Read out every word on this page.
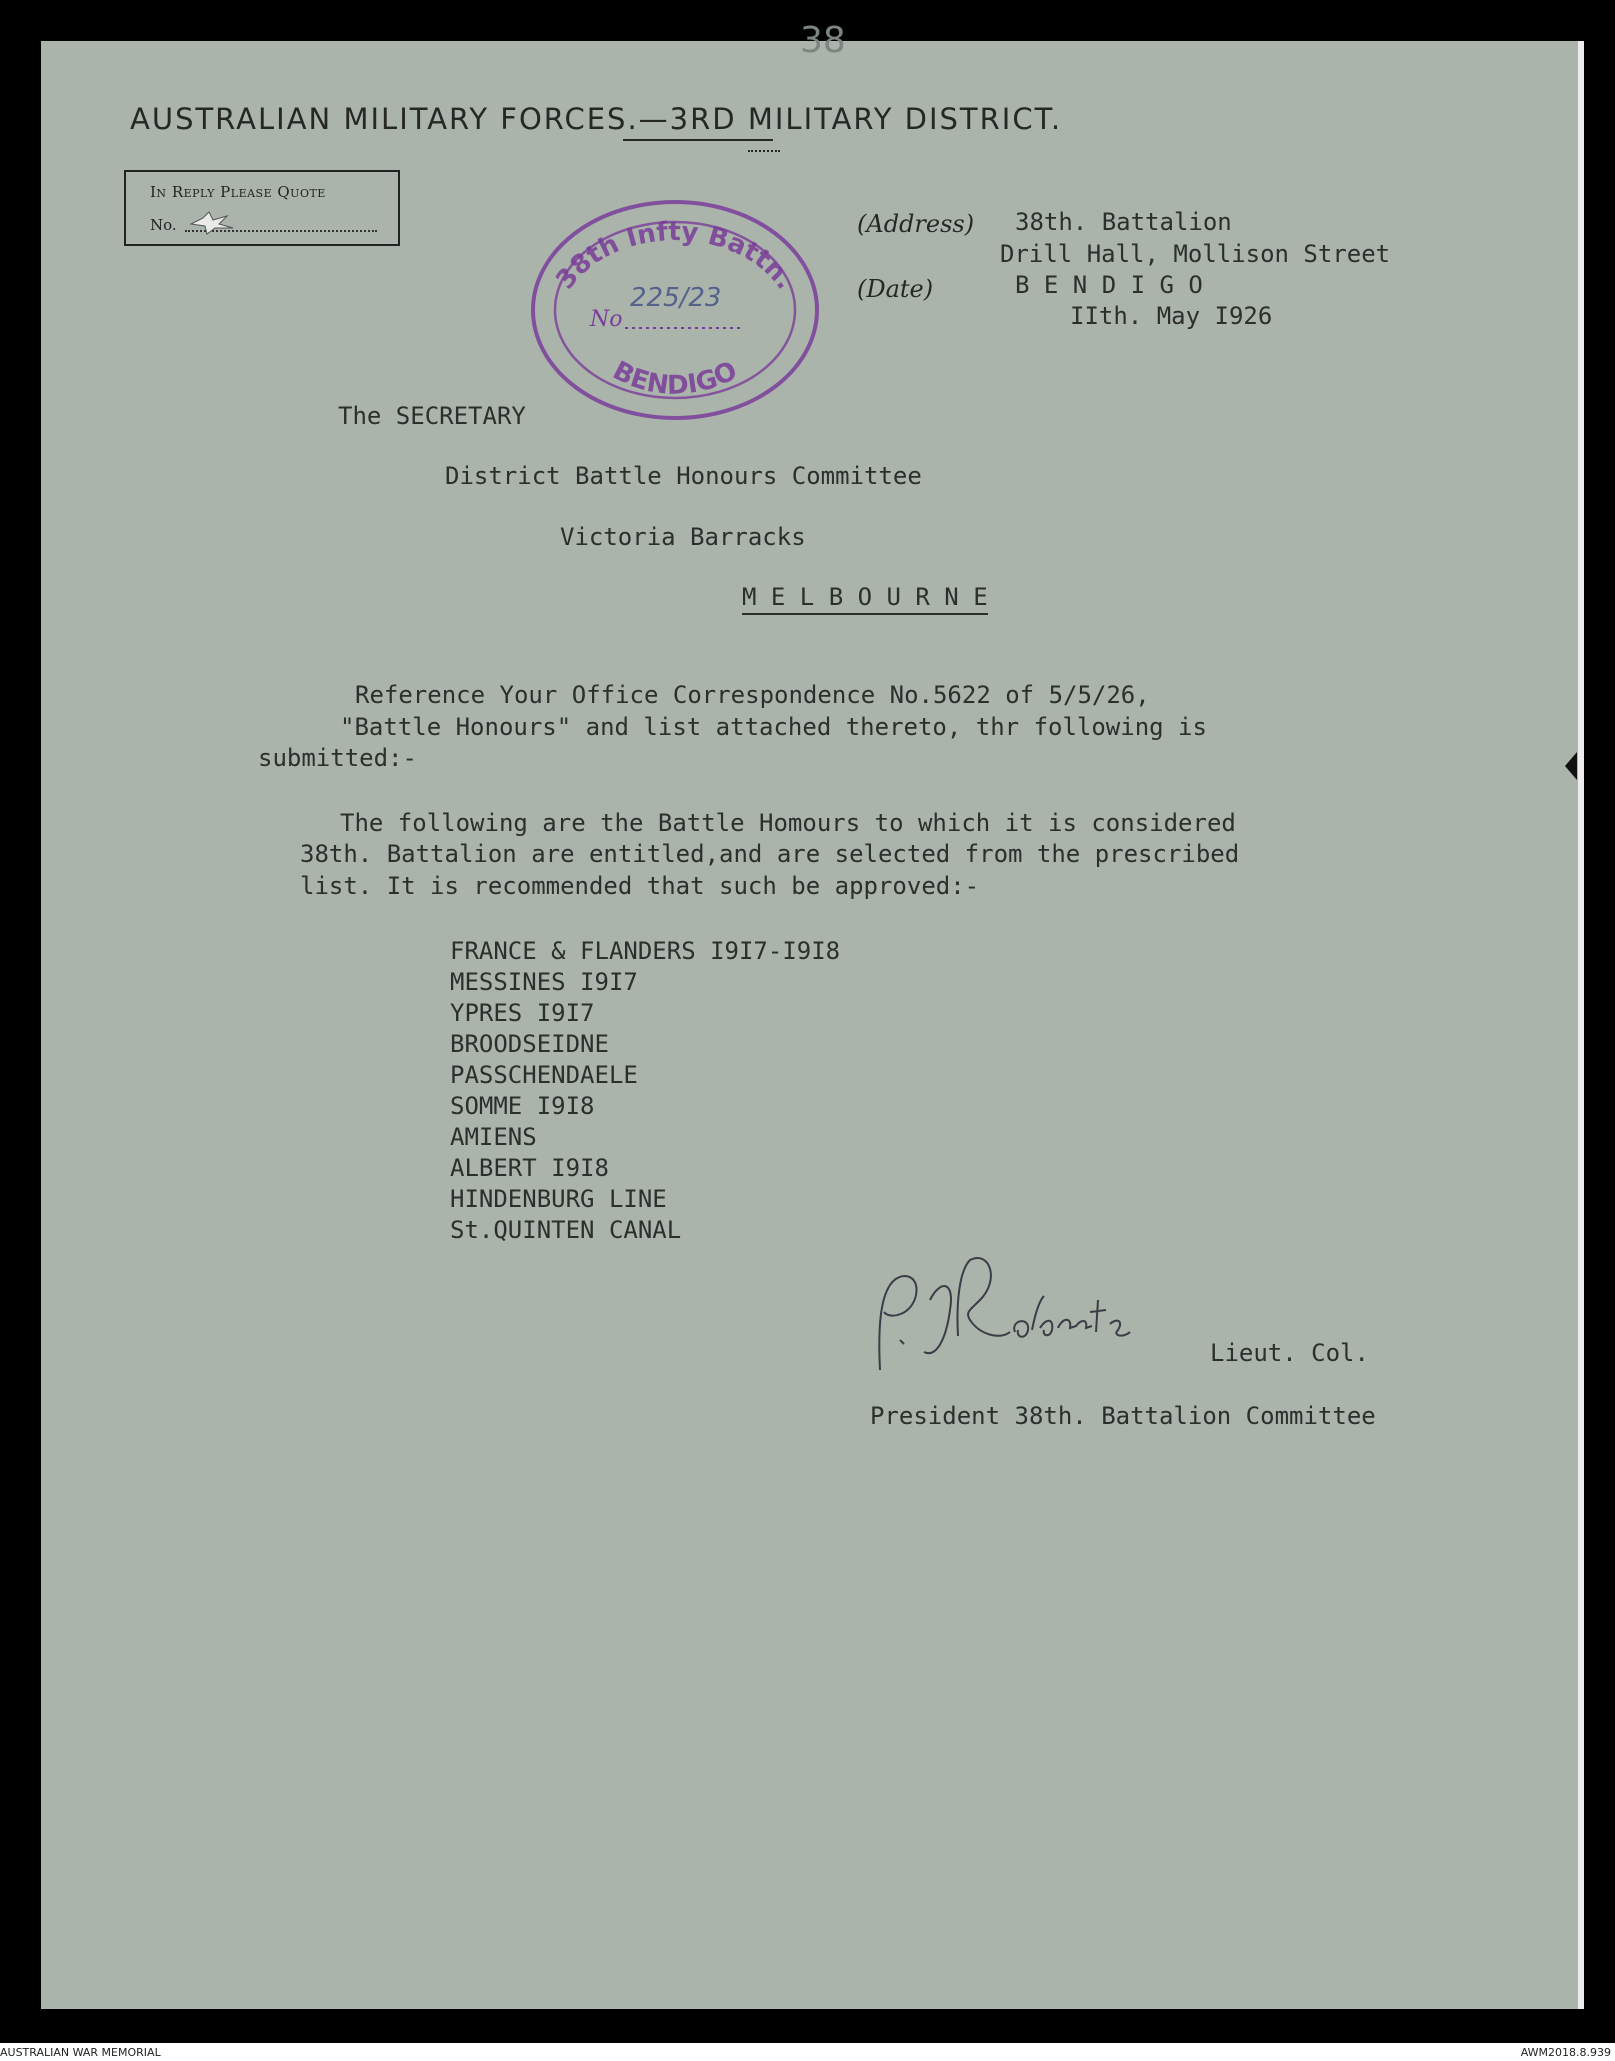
38
AUSTRALIAN MILITARY FORCES.—3RD MILITARY DISTRICT.
In Reply Please Quote
No.	(Address)
(Date)
38th. Battalion
Drill Hall, Mollison Street
B E N D I G O
IIth. May I926
38th Infty Battn.
BENDIGO
No
225/23
The SECRETARY
District Battle Honours Committee
Victoria Barracks
M E L B O U R N E
Reference Your Office Correspondence No.5622 of 5/5/26,
"Battle Honours" and list attached thereto, thr following is
submitted:-
The following are the Battle Homours to which it is considered
38th. Battalion are entitled,and are selected from the prescribed
list. It is recommended that such be approved:-
FRANCE & FLANDERS I9I7-I9I8
MESSINES I9I7
YPRES I9I7
BROODSEIDNE
PASSCHENDAELE
SOMME I9I8
AMIENS
ALBERT I9I8
HINDENBURG LINE
St.QUINTEN CANAL
Lieut. Col.
President 38th. Battalion Committee
AUSTRALIAN WAR MEMORIAL	AWM2018.8.939
